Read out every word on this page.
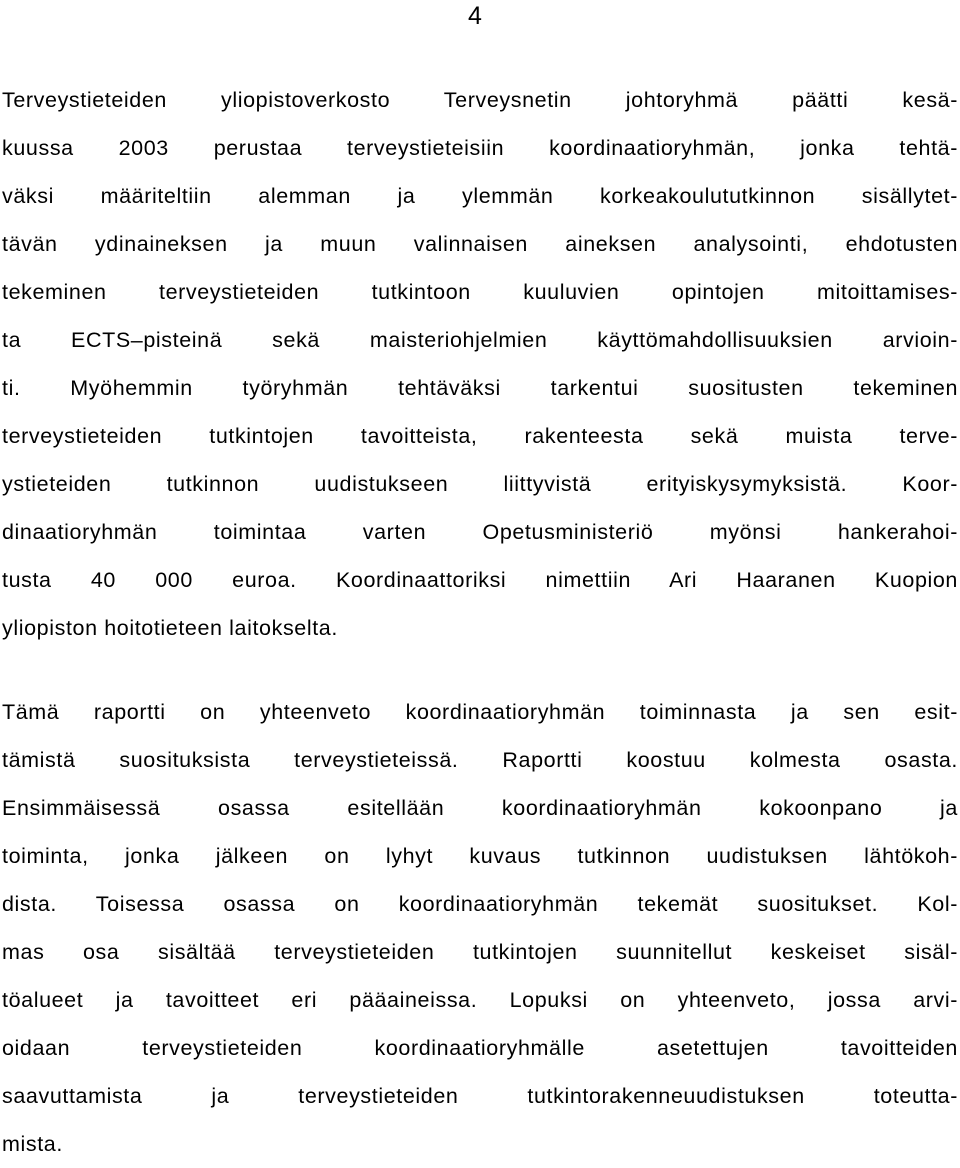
4
Terveystieteiden yliopistoverkosto Terveysnetin johtoryhmä päätti kesä-
kuussa 2003 perustaa terveystieteisiin koordinaatioryhmän, jonka tehtä-
väksi määriteltiin alemman ja ylemmän korkeakoulututkinnon sisällytet-
tävän ydinaineksen ja muun valinnaisen aineksen analysointi, ehdotusten
tekeminen terveystieteiden tutkintoon kuuluvien opintojen mitoittamises-
ta ECTS–pisteinä sekä maisteriohjelmien käyttömahdollisuuksien arvioin-
ti. Myöhemmin työryhmän tehtäväksi tarkentui suositusten tekeminen
terveystieteiden tutkintojen tavoitteista, rakenteesta sekä muista terve-
ystieteiden tutkinnon uudistukseen liittyvistä erityiskysymyksistä. Koor-
dinaatioryhmän toimintaa varten Opetusministeriö myönsi hankerahoi-
tusta 40 000 euroa. Koordinaattoriksi nimettiin Ari Haaranen Kuopion
yliopiston hoitotieteen laitokselta.
Tämä raportti on yhteenveto koordinaatioryhmän toiminnasta ja sen esit-
tämistä suosituksista terveystieteissä. Raportti koostuu kolmesta osasta.
Ensimmäisessä osassa esitellään koordinaatioryhmän kokoonpano ja
toiminta, jonka jälkeen on lyhyt kuvaus tutkinnon uudistuksen lähtökoh-
dista. Toisessa osassa on koordinaatioryhmän tekemät suositukset. Kol-
mas osa sisältää terveystieteiden tutkintojen suunnitellut keskeiset sisäl-
töalueet ja tavoitteet eri pääaineissa. Lopuksi on yhteenveto, jossa arvi-
oidaan terveystieteiden koordinaatioryhmälle asetettujen tavoitteiden
saavuttamista ja terveystieteiden tutkintorakenneuudistuksen toteutta-
mista.
